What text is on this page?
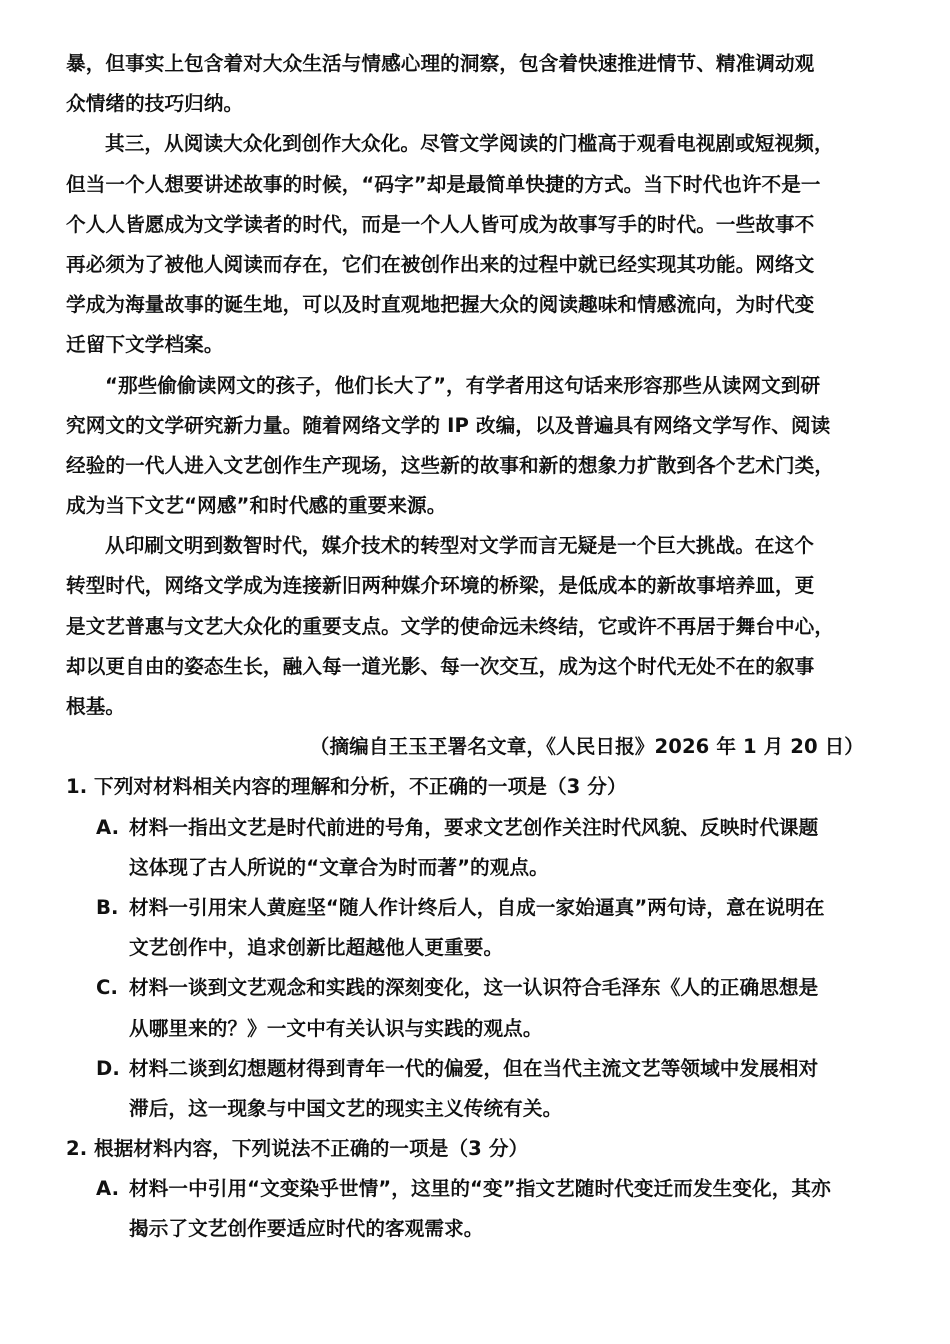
暴，但事实上包含着对大众生活与情感心理的洞察，包含着快速推进情节、精准调动观
众情绪的技巧归纳。
其三，从阅读大众化到创作大众化。尽管文学阅读的门槛高于观看电视剧或短视频，
但当一个人想要讲述故事的时候，“码字”却是最简单快捷的方式。当下时代也许不是一
个人人皆愿成为文学读者的时代，而是一个人人皆可成为故事写手的时代。一些故事不
再必须为了被他人阅读而存在，它们在被创作出来的过程中就已经实现其功能。网络文
学成为海量故事的诞生地，可以及时直观地把握大众的阅读趣味和情感流向，为时代变
迁留下文学档案。
“那些偷偷读网文的孩子，他们长大了”，有学者用这句话来形容那些从读网文到研
究网文的文学研究新力量。随着网络文学的 IP 改编，以及普遍具有网络文学写作、阅读
经验的一代人进入文艺创作生产现场，这些新的故事和新的想象力扩散到各个艺术门类，
成为当下文艺“网感”和时代感的重要来源。
从印刷文明到数智时代，媒介技术的转型对文学而言无疑是一个巨大挑战。在这个
转型时代，网络文学成为连接新旧两种媒介环境的桥梁，是低成本的新故事培养皿，更
是文艺普惠与文艺大众化的重要支点。文学的使命远未终结，它或许不再居于舞台中心，
却以更自由的姿态生长，融入每一道光影、每一次交互，成为这个时代无处不在的叙事
根基。
（摘编自王玉玊署名文章，《人民日报》2026 年 1 月 20 日）
1. 下列对材料相关内容的理解和分析，不正确的一项是（3 分）
A. 材料一指出文艺是时代前进的号角，要求文艺创作关注时代风貌、反映时代课题
这体现了古人所说的“文章合为时而著”的观点。
B. 材料一引用宋人黄庭坚“随人作计终后人，自成一家始逼真”两句诗，意在说明在
文艺创作中，追求创新比超越他人更重要。
C. 材料一谈到文艺观念和实践的深刻变化，这一认识符合毛泽东《人的正确思想是
从哪里来的？》一文中有关认识与实践的观点。
D. 材料二谈到幻想题材得到青年一代的偏爱，但在当代主流文艺等领域中发展相对
滞后，这一现象与中国文艺的现实主义传统有关。
2. 根据材料内容，下列说法不正确的一项是（3 分）
A. 材料一中引用“文变染乎世情”，这里的“变”指文艺随时代变迁而发生变化，其亦
揭示了文艺创作要适应时代的客观需求。
